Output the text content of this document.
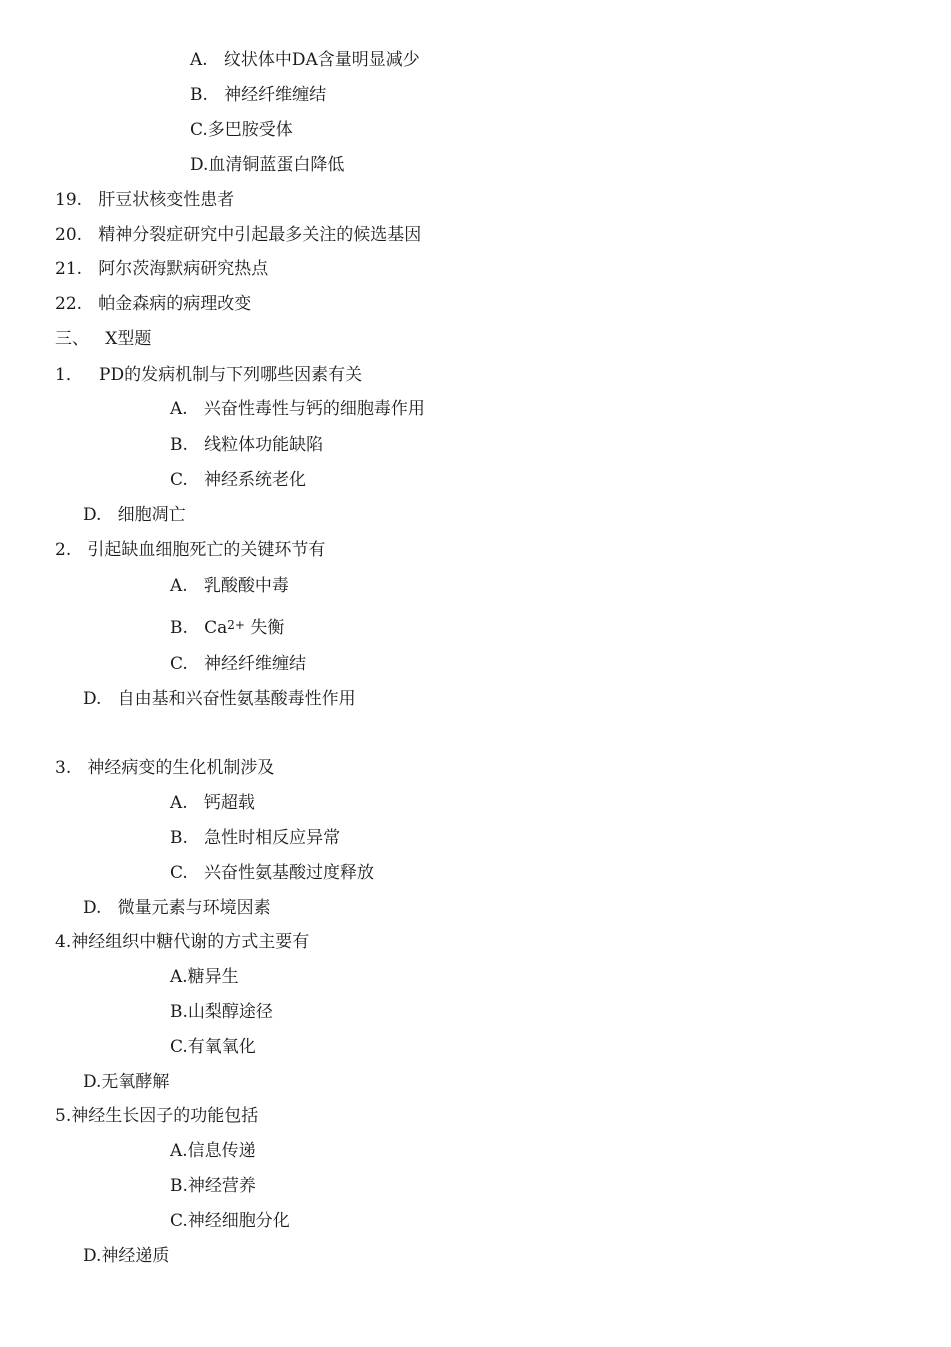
A.   纹状体中DA含量明显减少
B.   神经纤维缠结
C.多巴胺受体
D.血清铜蓝蛋白降低
19.   肝豆状核变性患者
20.   精神分裂症研究中引起最多关注的候选基因
21.   阿尔茨海默病研究热点
22.   帕金森病的病理改变
三、   X型题
1．   PD的发病机制与下列哪些因素有关
A.   兴奋性毒性与钙的细胞毒作用
B.   线粒体功能缺陷
C.   神经系统老化
D.   细胞凋亡
2.   引起缺血细胞死亡的关键环节有
A.   乳酸酸中毒
B.   $Ca^{2+}$ 失衡
C.   神经纤维缠结
D.   自由基和兴奋性氨基酸毒性作用
3.   神经病变的生化机制涉及
A.   钙超载
B.   急性时相反应异常
C.   兴奋性氨基酸过度释放
D.   微量元素与环境因素
4.神经组织中糖代谢的方式主要有
A.糖异生
B.山梨醇途径
C.有氧氧化
D.无氧酵解
5.神经生长因子的功能包括
A.信息传递
B.神经营养
C.神经细胞分化
D.神经递质
